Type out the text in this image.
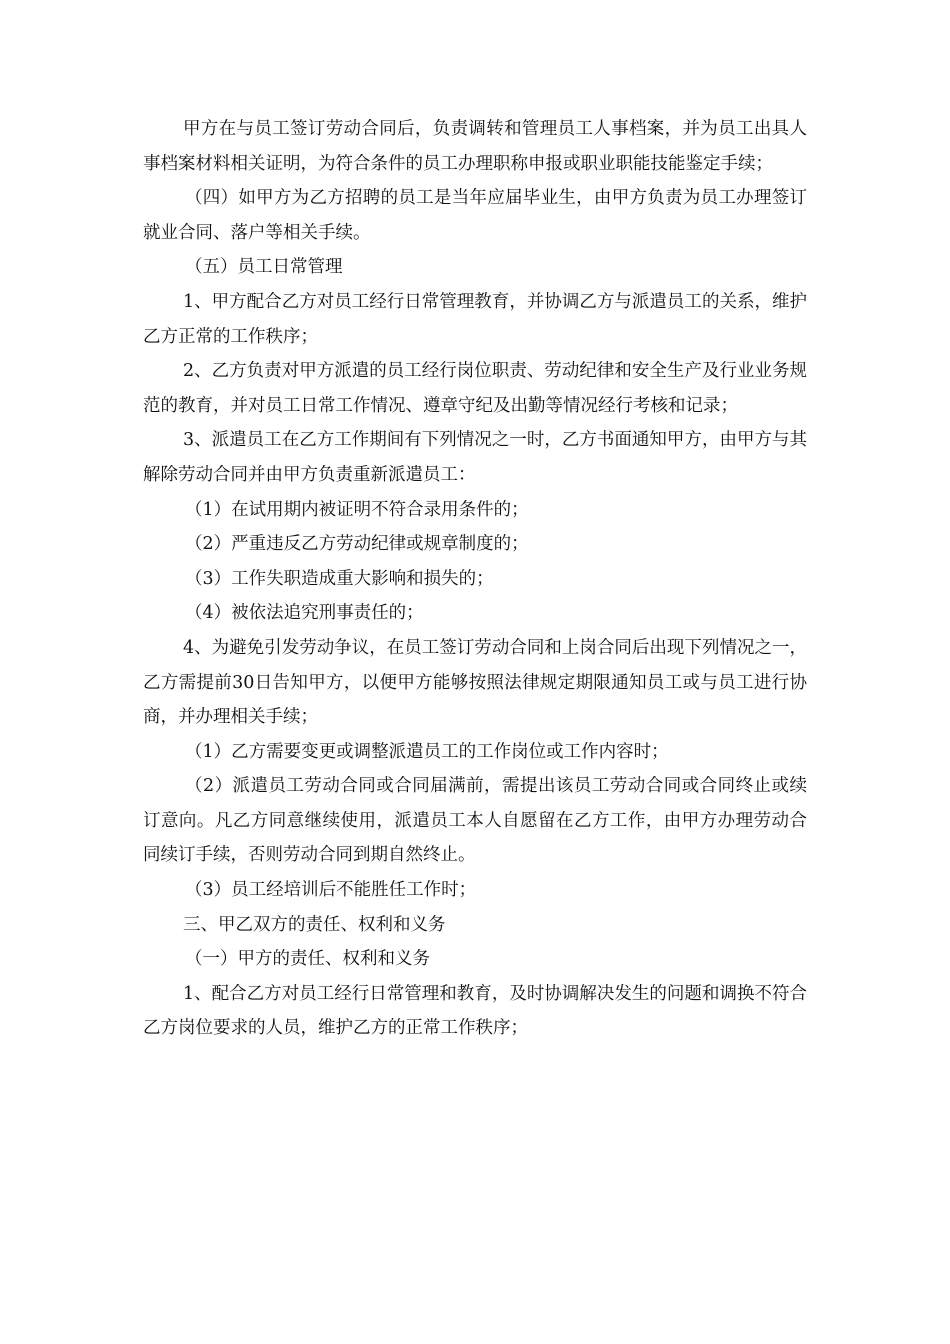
甲方在与员工签订劳动合同后，负责调转和管理员工人事档案，并为员工出具人事档案材料相关证明，为符合条件的员工办理职称申报或职业职能技能鉴定手续；

（四）如甲方为乙方招聘的员工是当年应届毕业生，由甲方负责为员工办理签订就业合同、落户等相关手续。

（五）员工日常管理

1、甲方配合乙方对员工经行日常管理教育，并协调乙方与派遣员工的关系，维护乙方正常的工作秩序；

2、乙方负责对甲方派遣的员工经行岗位职责、劳动纪律和安全生产及行业业务规范的教育，并对员工日常工作情况、遵章守纪及出勤等情况经行考核和记录；

3、派遣员工在乙方工作期间有下列情况之一时，乙方书面通知甲方，由甲方与其解除劳动合同并由甲方负责重新派遣员工：

（1）在试用期内被证明不符合录用条件的；

（2）严重违反乙方劳动纪律或规章制度的；

（3）工作失职造成重大影响和损失的；

（4）被依法追究刑事责任的；

4、为避免引发劳动争议，在员工签订劳动合同和上岗合同后出现下列情况之一，乙方需提前30日告知甲方，以便甲方能够按照法律规定期限通知员工或与员工进行协商，并办理相关手续；

（1）乙方需要变更或调整派遣员工的工作岗位或工作内容时；

（2）派遣员工劳动合同或合同届满前，需提出该员工劳动合同或合同终止或续订意向。凡乙方同意继续使用，派遣员工本人自愿留在乙方工作，由甲方办理劳动合同续订手续，否则劳动合同到期自然终止。

（3）员工经培训后不能胜任工作时；

三、甲乙双方的责任、权利和义务

（一）甲方的责任、权利和义务

1、配合乙方对员工经行日常管理和教育，及时协调解决发生的问题和调换不符合乙方岗位要求的人员，维护乙方的正常工作秩序；
